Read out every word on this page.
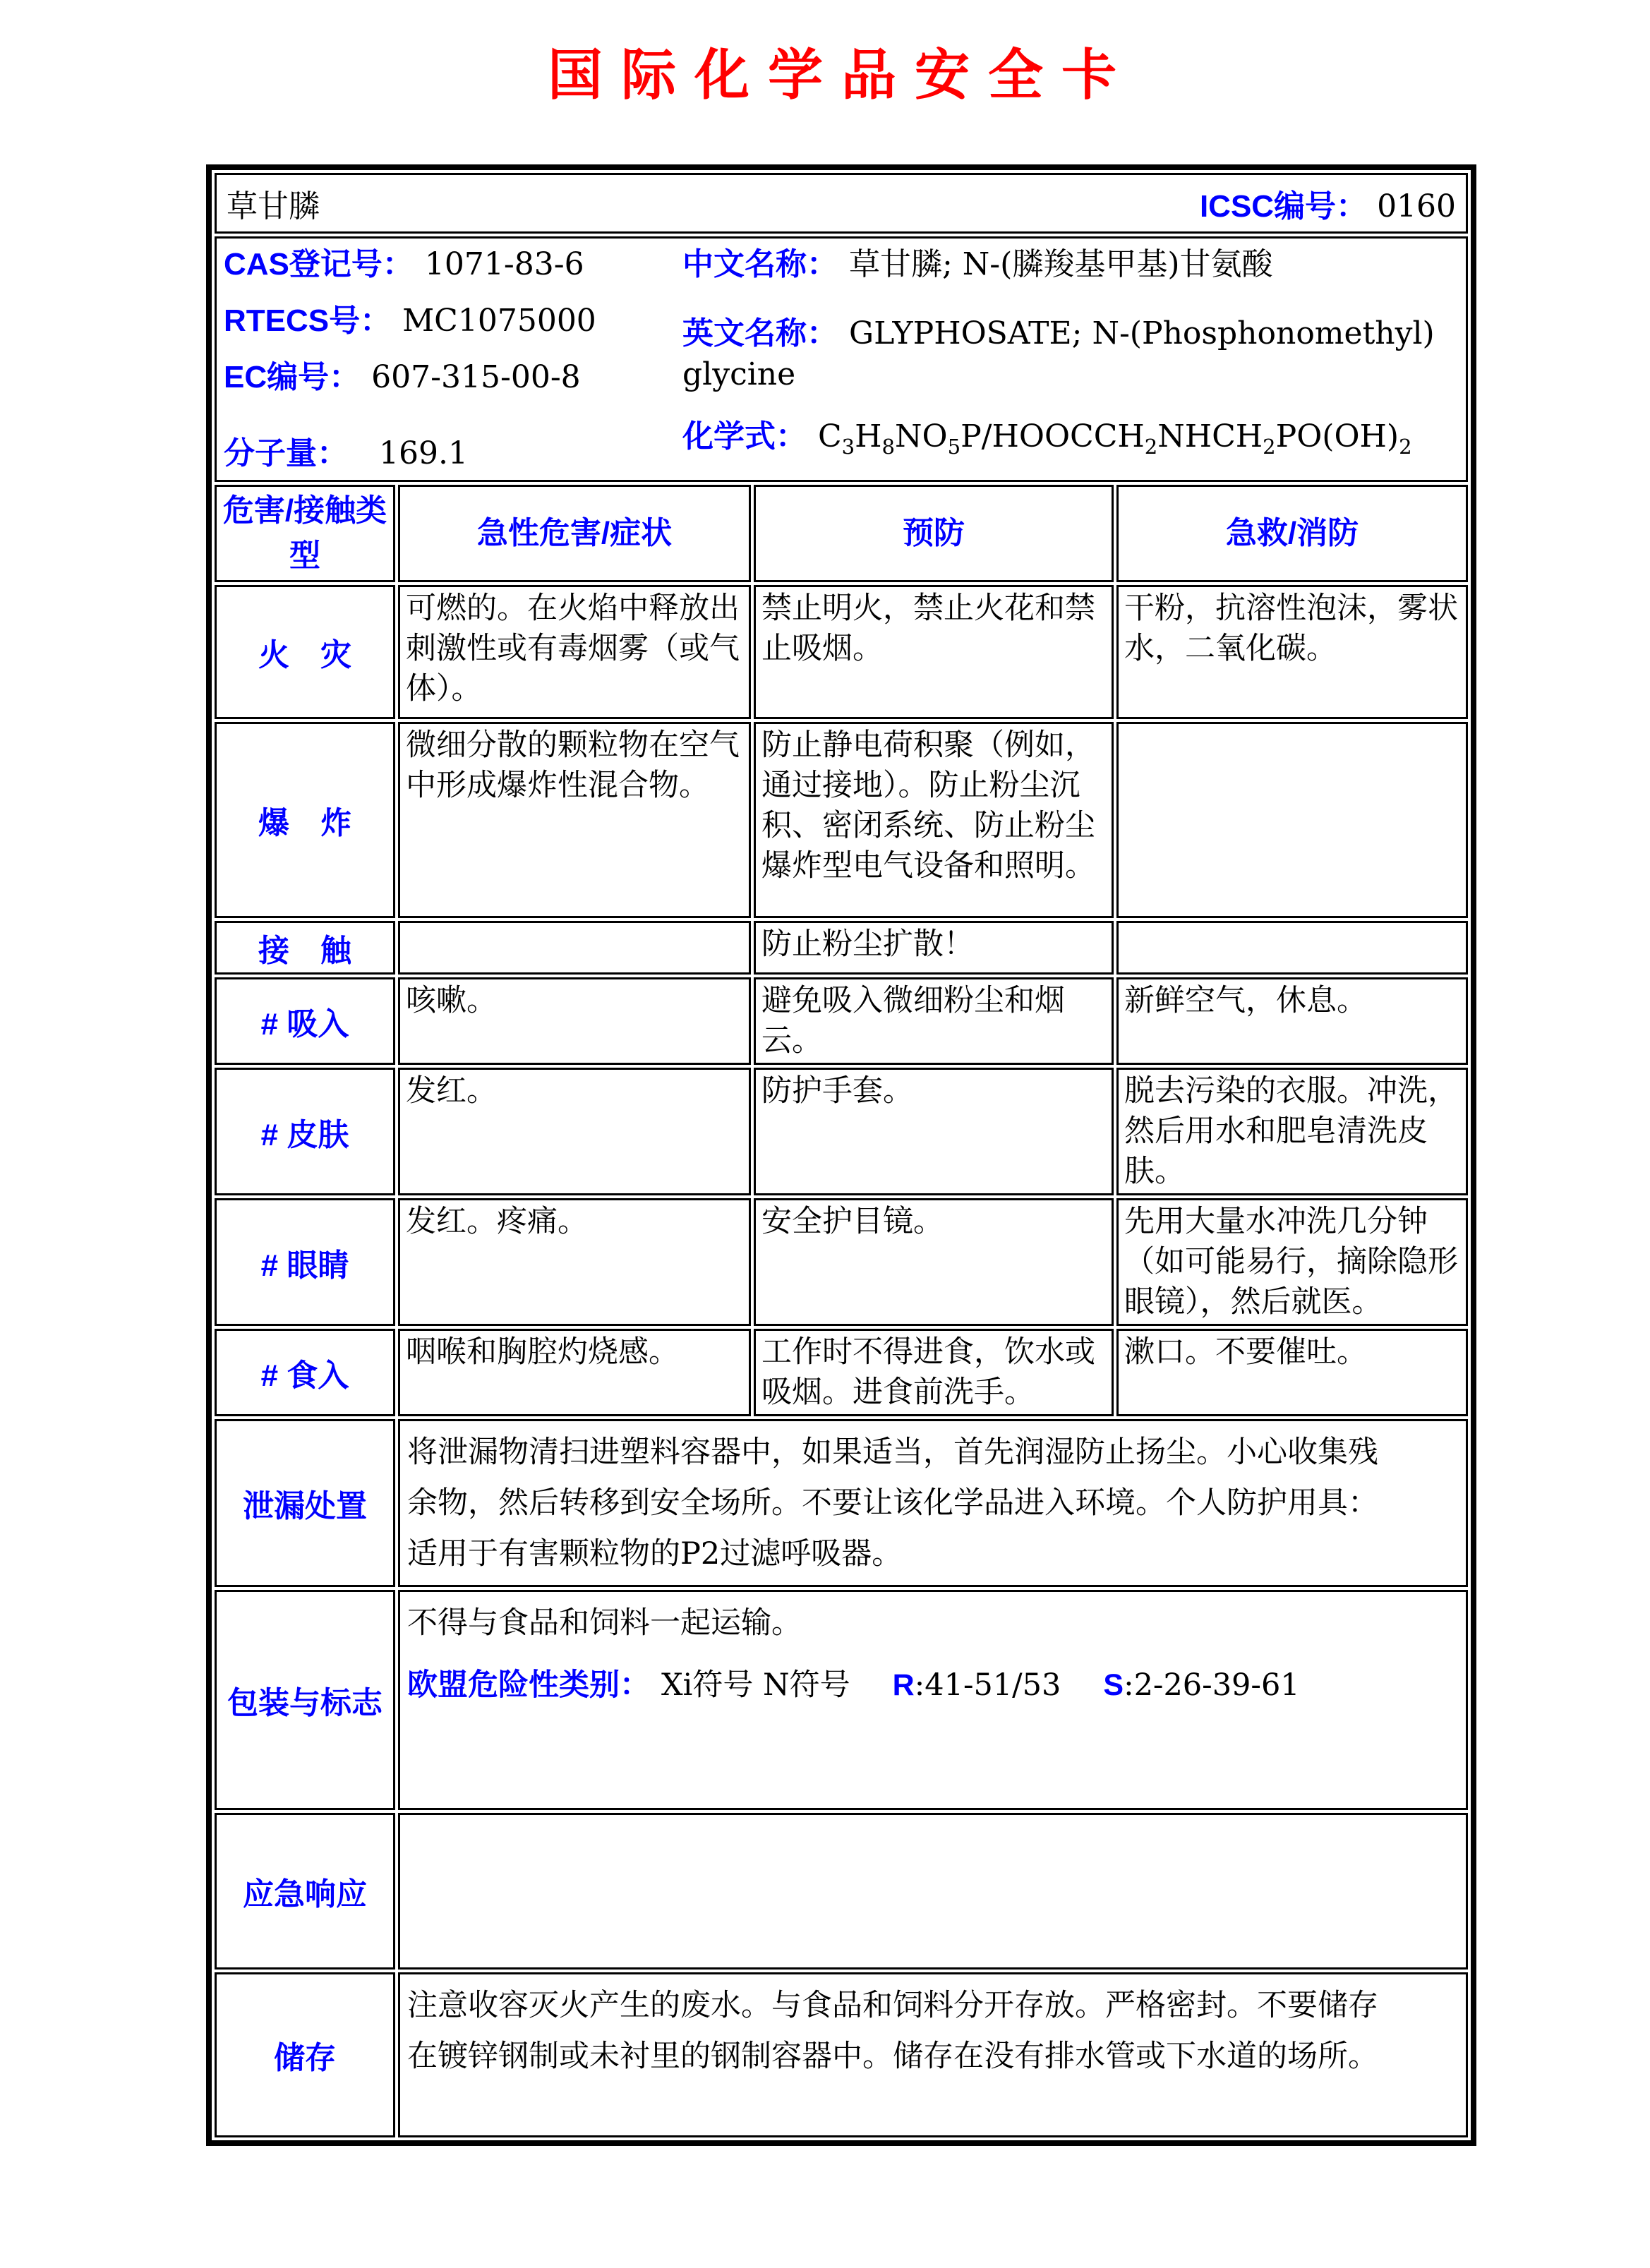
国际化学品安全卡
草甘膦 ICSC编号： 0160			

CAS登记号： 1071-83-6
RTECS号： MC1075000
EC编号： 607-315-00-8
分子量： 169.1
中文名称： 草甘膦; N-(膦羧基甲基)甘氨酸
英文名称： GLYPHOSATE; N-(Phosphonomethyl) glycine
化学式： $C_3H_8NO_5P/HOOCCH_2NHCH_2PO(OH)_2$

危害/接触类型	急性危害/症状	预防	急救/消防
火　灾	可燃的。在火焰中释放出刺激性或有毒烟雾（或气体）。	禁止明火，禁止火花和禁止吸烟。	干粉，抗溶性泡沫，雾状水，二氧化碳。
爆　炸	微细分散的颗粒物在空气中形成爆炸性混合物。	防止静电荷积聚（例如，通过接地）。防止粉尘沉积、密闭系统、防止粉尘爆炸型电气设备和照明。	
接　触		防止粉尘扩散！	
# 吸入	咳嗽。	避免吸入微细粉尘和烟云。	新鲜空气，休息。
# 皮肤	发红。	防护手套。	脱去污染的衣服。冲洗，然后用水和肥皂清洗皮肤。
# 眼睛	发红。疼痛。	安全护目镜。	先用大量水冲洗几分钟（如可能易行，摘除隐形眼镜），然后就医。
# 食入	咽喉和胸腔灼烧感。	工作时不得进食，饮水或吸烟。进食前洗手。	漱口。不要催吐。
泄漏处置	将泄漏物清扫进塑料容器中，如果适当，首先润湿防止扬尘。小心收集残余物，然后转移到安全场所。不要让该化学品进入环境。个人防护用具：适用于有害颗粒物的P2过滤呼吸器。		
包装与标志	不得与食品和饲料一起运输。
欧盟危险性类别： Xi符号 N符号 R:41-51/53 S:2-26-39-61		

应急响应			
储存	注意收容灭火产生的废水。与食品和饲料分开存放。严格密封。不要储存在镀锌钢制或未衬里的钢制容器中。储存在没有排水管或下水道的场所。		
